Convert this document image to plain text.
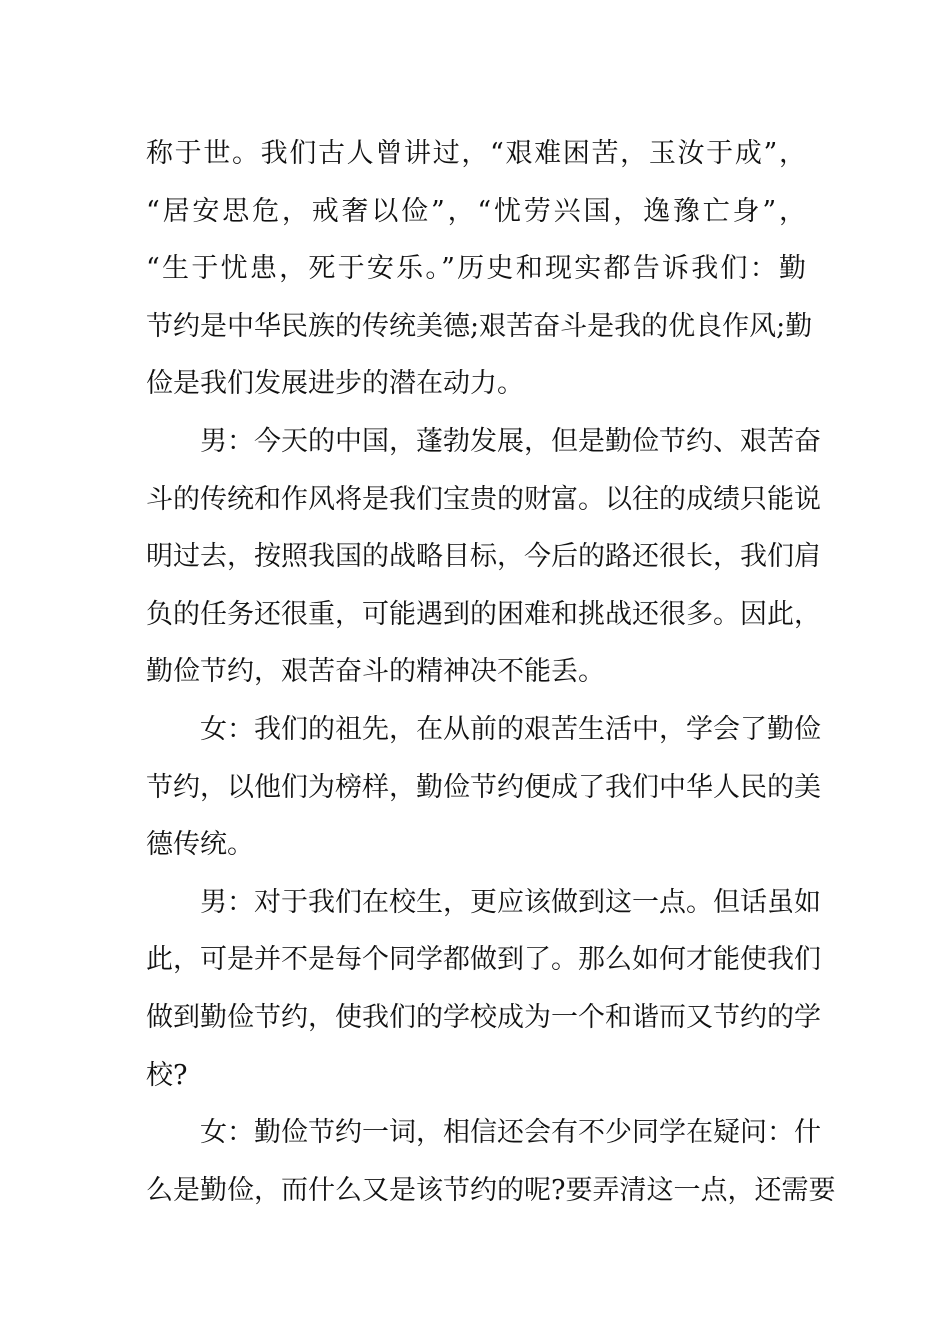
称于世。我们古人曾讲过，“艰难困苦，玉汝于成”，
“居安思危，戒奢以俭”，“忧劳兴国，逸豫亡身”，
“生于忧患，死于安乐。”历史和现实都告诉我们：勤
节约是中华民族的传统美德;艰苦奋斗是我的优良作风;勤
俭是我们发展进步的潜在动力。
男：今天的中国，蓬勃发展，但是勤俭节约、艰苦奋
斗的传统和作风将是我们宝贵的财富。以往的成绩只能说
明过去，按照我国的战略目标，今后的路还很长，我们肩
负的任务还很重，可能遇到的困难和挑战还很多。因此，
勤俭节约，艰苦奋斗的精神决不能丢。
女：我们的祖先，在从前的艰苦生活中，学会了勤俭
节约，以他们为榜样，勤俭节约便成了我们中华人民的美
德传统。
男：对于我们在校生，更应该做到这一点。但话虽如
此，可是并不是每个同学都做到了。那么如何才能使我们
做到勤俭节约，使我们的学校成为一个和谐而又节约的学
校?
女：勤俭节约一词，相信还会有不少同学在疑问：什
么是勤俭，而什么又是该节约的呢?要弄清这一点，还需要
